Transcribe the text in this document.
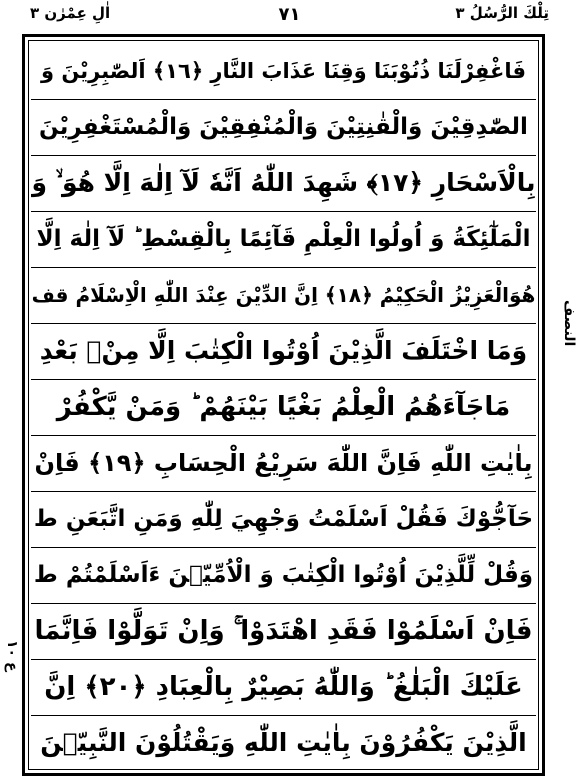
تِلْكَ الرُّسُلُ ٣
٧١
اٰلِ عِمْرٰن ٣
النصف
ع ١٠
فَاغْفِرْلَنَا ذُنُوْبَنَا وَقِنَا عَذَابَ النَّارِ ﴿١٦﴾ اَلصّٰبِرِيْنَ وَ
الصّٰدِقِيْنَ وَالْقٰنِتِيْنَ وَالْمُنْفِقِيْنَ وَالْمُسْتَغْفِرِيْنَ
بِالْاَسْحَارِ ﴿١٧﴾ شَهِدَ اللّٰهُ اَنَّهٗ لَآ اِلٰهَ اِلَّا هُوَ ۙ وَ
الْمَلٰٓئِكَةُ وَ اُولُوا الْعِلْمِ قَآئِمًا بِالْقِسْطِ ؕ لَآ اِلٰهَ اِلَّا
هُوَالْعَزِيْزُ الْحَكِيْمُ ﴿١٨﴾ اِنَّ الدِّيْنَ عِنْدَ اللّٰهِ الْاِسْلَامُ قف
وَمَا اخْتَلَفَ الَّذِيْنَ اُوْتُوا الْكِتٰبَ اِلَّا مِنْۢ بَعْدِ
مَاجَآءَهُمُ الْعِلْمُ بَغْيًا بَيْنَهُمْ ؕ وَمَنْ يَّكْفُرْ
بِاٰيٰتِ اللّٰهِ فَاِنَّ اللّٰهَ سَرِيْعُ الْحِسَابِ ﴿١٩﴾ فَاِنْ
حَآجُّوْكَ فَقُلْ اَسْلَمْتُ وَجْهِيَ لِلّٰهِ وَمَنِ اتَّبَعَنِ ط
وَقُلْ لِّلَّذِيْنَ اُوْتُوا الْكِتٰبَ وَ الْاُمِّيّٖنَ ءَاَسْلَمْتُمْ ط
فَاِنْ اَسْلَمُوْا فَقَدِ اهْتَدَوْا ۚ وَاِنْ تَوَلَّوْا فَاِنَّمَا
عَلَيْكَ الْبَلٰغُ ؕ وَاللّٰهُ بَصِيْرٌ بِالْعِبَادِ ﴿٢٠﴾ اِنَّ
الَّذِيْنَ يَكْفُرُوْنَ بِاٰيٰتِ اللّٰهِ وَيَقْتُلُوْنَ النَّبِيّٖنَ
